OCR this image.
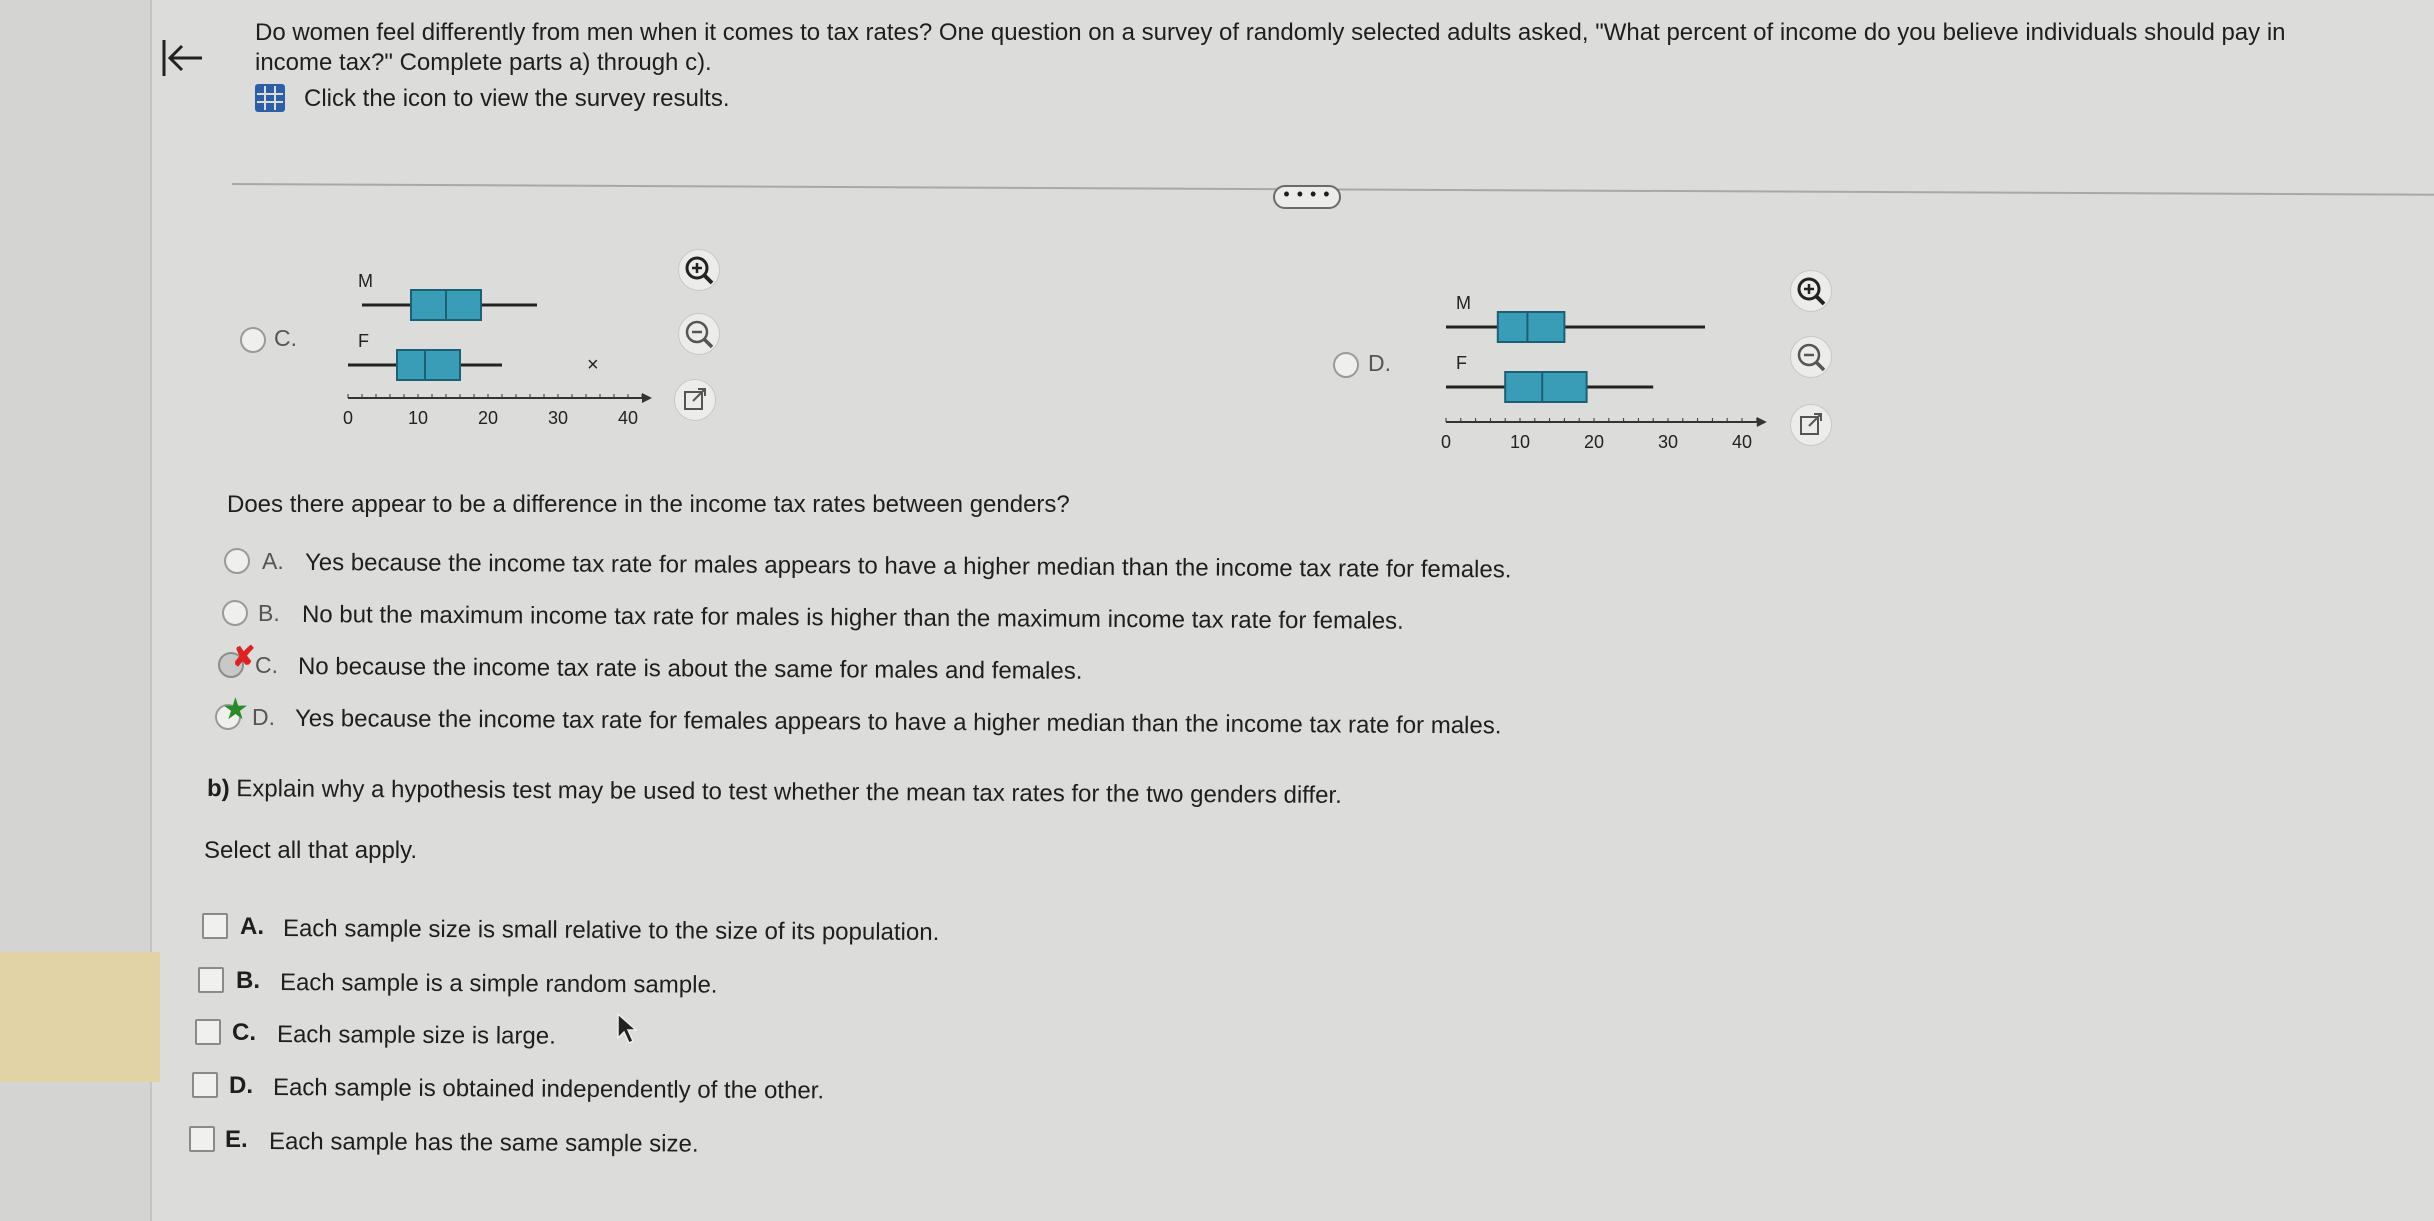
Do women feel differently from men when it comes to tax rates? One question on a survey of randomly selected adults asked, "What percent of income do you believe individuals should pay in
income tax?" Complete parts a) through c).
Click the icon to view the survey results.
• • • •
C.
M
F
×
0	10	20	30	40
D.
M
F
0	10	20	30	40
Does there appear to be a difference in the income tax rates between genders?
A. Yes because the income tax rate for males appears to have a higher median than the income tax rate for females.
B. No but the maximum income tax rate for males is higher than the maximum income tax rate for females.
✘ C. No because the income tax rate is about the same for males and females.
★ D. Yes because the income tax rate for females appears to have a higher median than the income tax rate for males.
b) Explain why a hypothesis test may be used to test whether the mean tax rates for the two genders differ.
Select all that apply.
A. Each sample size is small relative to the size of its population.
B. Each sample is a simple random sample.
C. Each sample size is large.
D. Each sample is obtained independently of the other.
E. Each sample has the same sample size.
